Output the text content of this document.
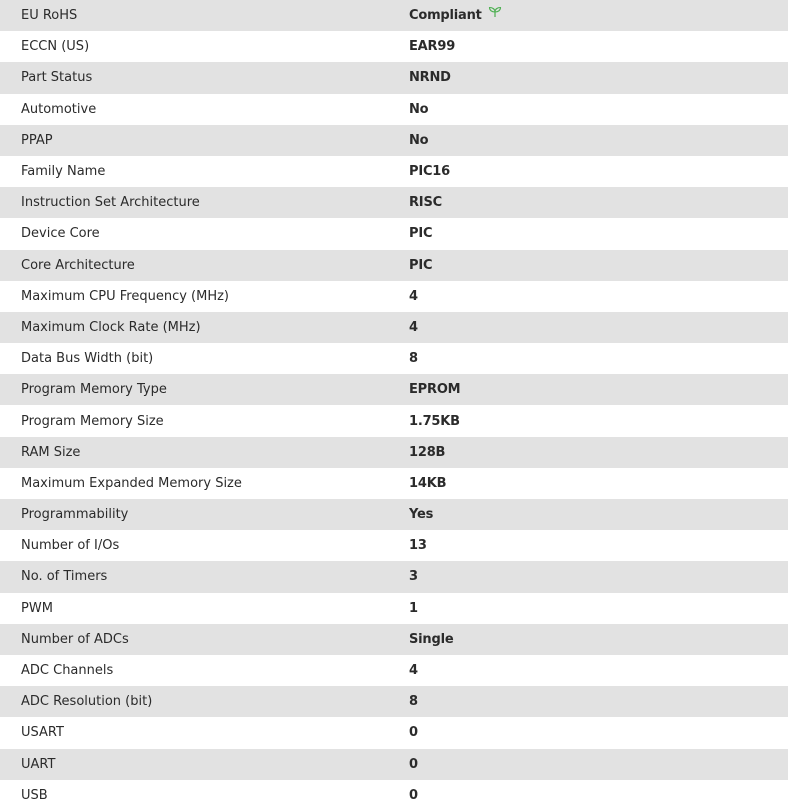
EU RoHS	Compliant
ECCN (US)	EAR99
Part Status	NRND
Automotive	No
PPAP	No
Family Name	PIC16
Instruction Set Architecture	RISC
Device Core	PIC
Core Architecture	PIC
Maximum CPU Frequency (MHz)	4
Maximum Clock Rate (MHz)	4
Data Bus Width (bit)	8
Program Memory Type	EPROM
Program Memory Size	1.75KB
RAM Size	128B
Maximum Expanded Memory Size	14KB
Programmability	Yes
Number of I/Os	13
No. of Timers	3
PWM	1
Number of ADCs	Single
ADC Channels	4
ADC Resolution (bit)	8
USART	0
UART	0
USB	0
